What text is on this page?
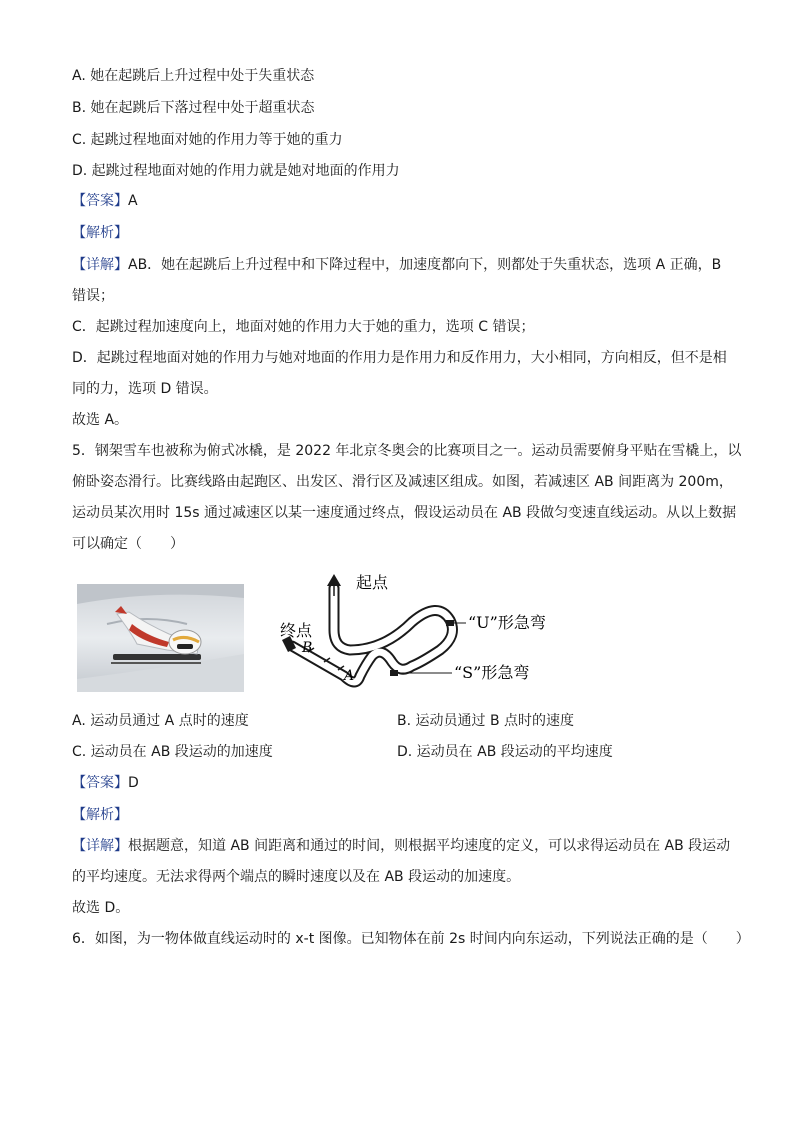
A. 她在起跳后上升过程中处于失重状态
B. 她在起跳后下落过程中处于超重状态
C. 起跳过程地面对她的作用力等于她的重力
D. 起跳过程地面对她的作用力就是她对地面的作用力
【答案】A
【解析】
【详解】AB．她在起跳后上升过程中和下降过程中，加速度都向下，则都处于失重状态，选项 A 正确，B
错误；
C．起跳过程加速度向上，地面对她的作用力大于她的重力，选项 C 错误；
D．起跳过程地面对她的作用力与她对地面的作用力是作用力和反作用力，大小相同，方向相反，但不是相
同的力，选项 D 错误。
故选 A。
5．钢架雪车也被称为俯式冰橇，是 2022 年北京冬奥会的比赛项目之一。运动员需要俯身平贴在雪橇上，以
俯卧姿态滑行。比赛线路由起跑区、出发区、滑行区及减速区组成。如图，若减速区 AB 间距离为 200m，
运动员某次用时 15s 通过减速区以某一速度通过终点，假设运动员在 AB 段做匀变速直线运动。从以上数据
可以确定（　　）
起点
终点	“U”形急弯
“S”形急弯
B
A
A. 运动员通过 A 点时的速度	B. 运动员通过 B 点时的速度
C. 运动员在 AB 段运动的加速度	D. 运动员在 AB 段运动的平均速度
【答案】D
【解析】
【详解】根据题意，知道 AB 间距离和通过的时间，则根据平均速度的定义，可以求得运动员在 AB 段运动
的平均速度。无法求得两个端点的瞬时速度以及在 AB 段运动的加速度。
故选 D。
6．如图，为一物体做直线运动时的 x-t 图像。已知物体在前 2s 时间内向东运动，下列说法正确的是（　　）
